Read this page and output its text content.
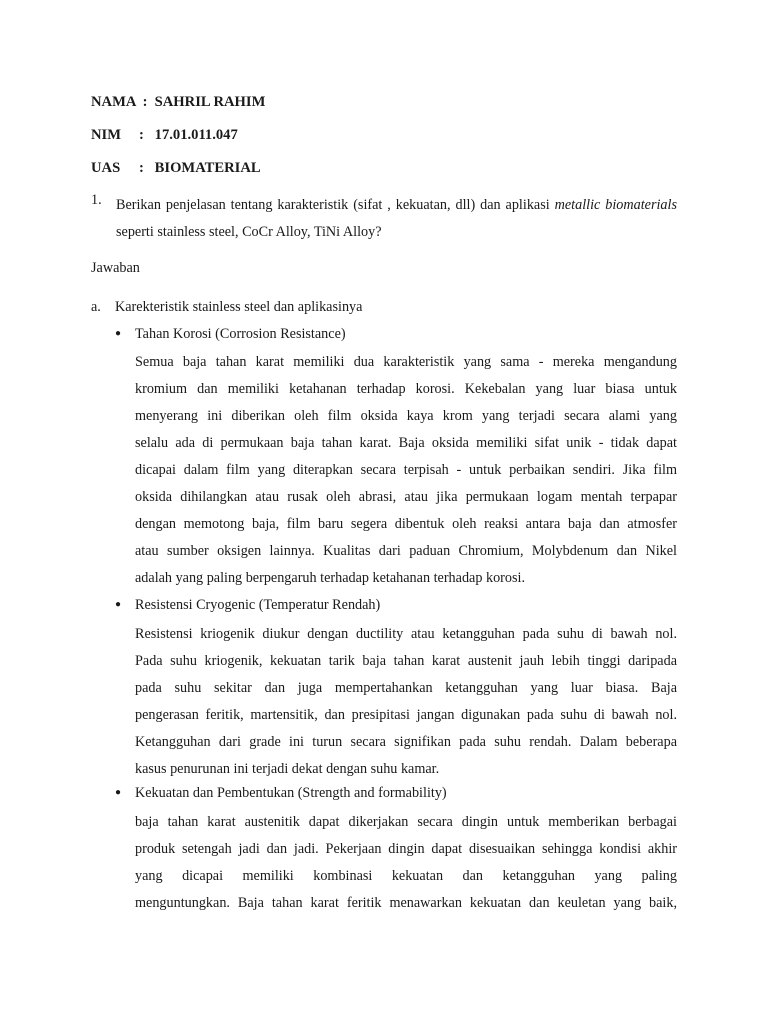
NAMA : SAHRIL RAHIM
NIM : 17.01.011.047
UAS : BIOMATERIAL
1. Berikan penjelasan tentang karakteristik (sifat , kekuatan, dll) dan aplikasi metallic biomaterials seperti stainless steel, CoCr Alloy, TiNi Alloy?
Jawaban
a. Karekteristik stainless steel dan aplikasinya
● Tahan Korosi (Corrosion Resistance)
Semua baja tahan karat memiliki dua karakteristik yang sama - mereka mengandung
kromium dan memiliki ketahanan terhadap korosi. Kekebalan yang luar biasa untuk
menyerang ini diberikan oleh film oksida kaya krom yang terjadi secara alami yang
selalu ada di permukaan baja tahan karat. Baja oksida memiliki sifat unik - tidak dapat
dicapai dalam film yang diterapkan secara terpisah - untuk perbaikan sendiri. Jika film
oksida dihilangkan atau rusak oleh abrasi, atau jika permukaan logam mentah terpapar
dengan memotong baja, film baru segera dibentuk oleh reaksi antara baja dan atmosfer
atau sumber oksigen lainnya. Kualitas dari paduan Chromium, Molybdenum dan Nikel
adalah yang paling berpengaruh terhadap ketahanan terhadap korosi.
● Resistensi Cryogenic (Temperatur Rendah)
Resistensi kriogenik diukur dengan ductility atau ketangguhan pada suhu di bawah nol.
Pada suhu kriogenik, kekuatan tarik baja tahan karat austenit jauh lebih tinggi daripada
pada suhu sekitar dan juga mempertahankan ketangguhan yang luar biasa. Baja
pengerasan feritik, martensitik, dan presipitasi jangan digunakan pada suhu di bawah nol.
Ketangguhan dari grade ini turun secara signifikan pada suhu rendah. Dalam beberapa
kasus penurunan ini terjadi dekat dengan suhu kamar.
● Kekuatan dan Pembentukan (Strength and formability)
baja tahan karat austenitik dapat dikerjakan secara dingin untuk memberikan berbagai
produk setengah jadi dan jadi. Pekerjaan dingin dapat disesuaikan sehingga kondisi akhir
yang dicapai memiliki kombinasi kekuatan dan ketangguhan yang paling
menguntungkan. Baja tahan karat feritik menawarkan kekuatan dan keuletan yang baik,
